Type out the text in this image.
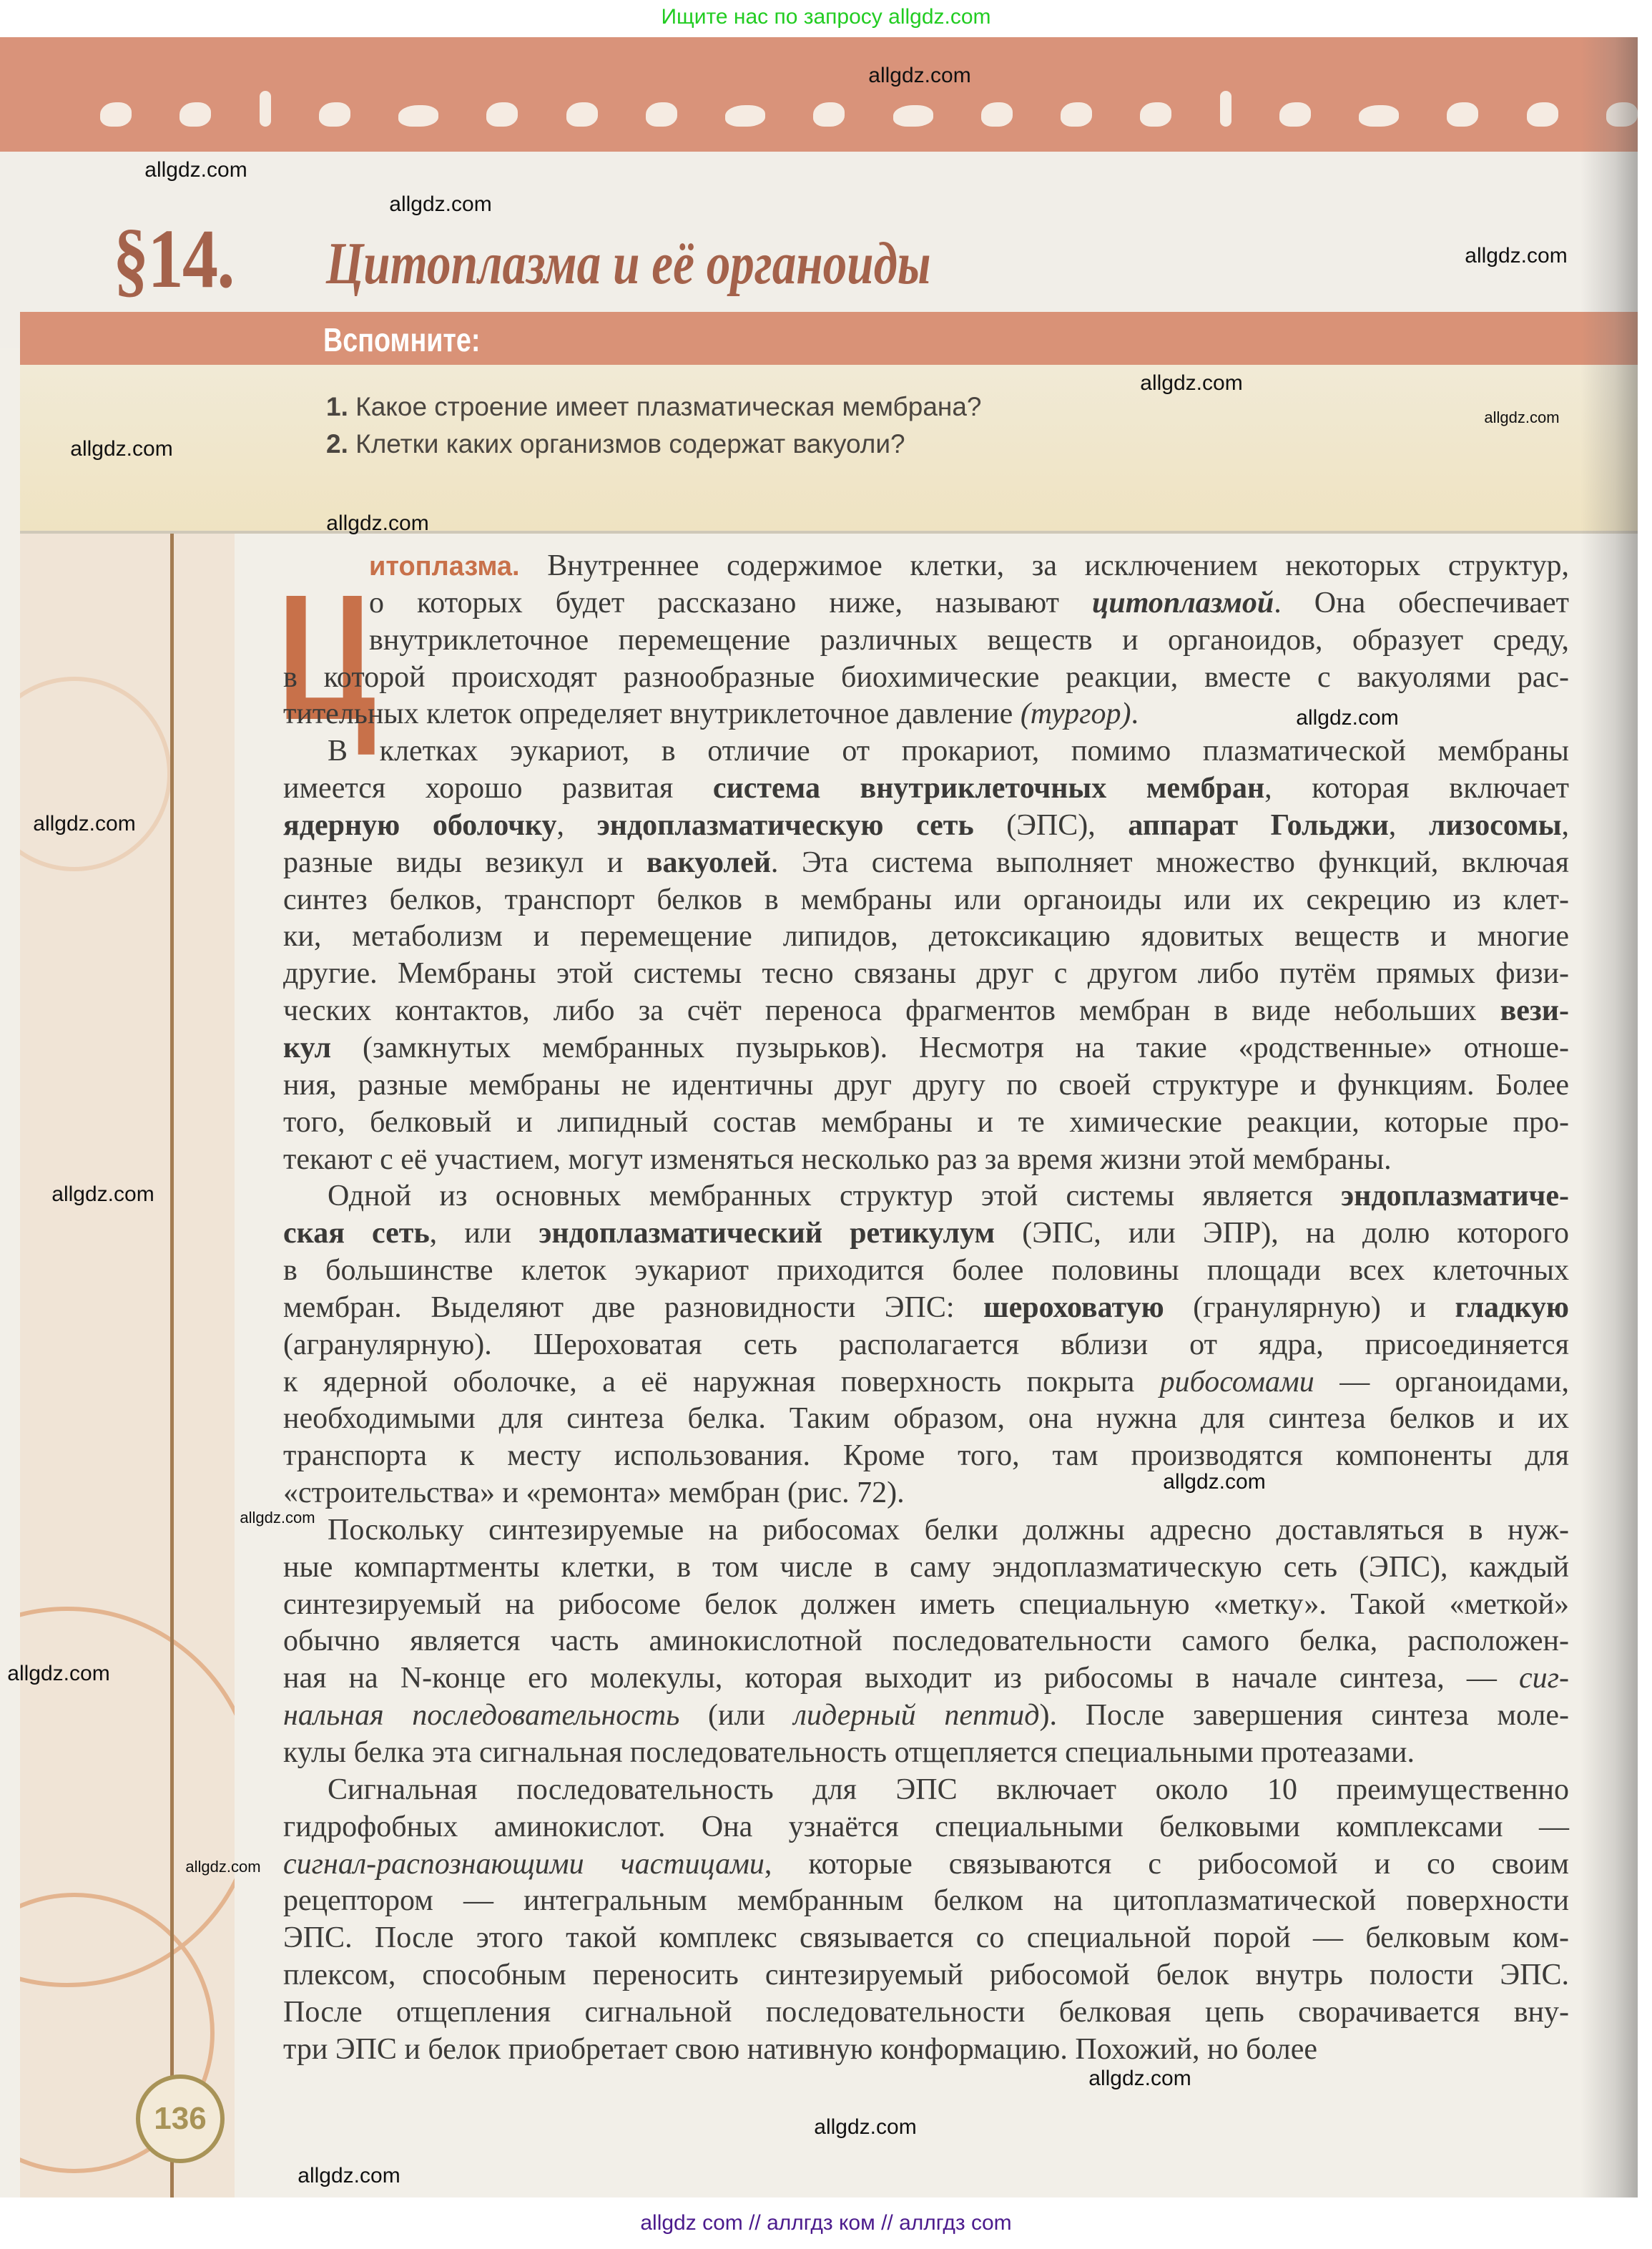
Ищите нас по запросу allgdz.com
§14. Цитоплазма и её органоиды
Вспомните:
1. Какое строение имеет плазматическая мембрана?
2. Клетки каких организмов содержат вакуоли?
136
Ц
итоплазма. Внутреннее содержимое клетки, за исключением некоторых структур,
о которых будет рассказано ниже, называют цитоплазмой. Она обеспечивает
внутриклеточное перемещение различных веществ и органоидов, образует среду,
в которой происходят разнообразные биохимические реакции, вместе с вакуолями рас-
тительных клеток определяет внутриклеточное давление (тургор).
В клетках эукариот, в отличие от прокариот, помимо плазматической мембраны
имеется хорошо развитая система внутриклеточных мембран, которая включает
ядерную оболочку, эндоплазматическую сеть (ЭПС), аппарат Гольджи, лизосомы,
разные виды везикул и вакуолей. Эта система выполняет множество функций, включая
синтез белков, транспорт белков в мембраны или органоиды или их секрецию из клет-
ки, метаболизм и перемещение липидов, детоксикацию ядовитых веществ и многие
другие. Мембраны этой системы тесно связаны друг с другом либо путём прямых физи-
ческих контактов, либо за счёт переноса фрагментов мембран в виде небольших вези-
кул (замкнутых мембранных пузырьков). Несмотря на такие «родственные» отноше-
ния, разные мембраны не идентичны друг другу по своей структуре и функциям. Более
того, белковый и липидный состав мембраны и те химические реакции, которые про-
текают с её участием, могут изменяться несколько раз за время жизни этой мембраны.
Одной из основных мембранных структур этой системы является эндоплазматиче-
ская сеть, или эндоплазматический ретикулум (ЭПС, или ЭПР), на долю которого
в большинстве клеток эукариот приходится более половины площади всех клеточных
мембран. Выделяют две разновидности ЭПС: шероховатую (гранулярную) и гладкую
(агранулярную). Шероховатая сеть располагается вблизи от ядра, присоединяется
к ядерной оболочке, а её наружная поверхность покрыта рибосомами — органоидами,
необходимыми для синтеза белка. Таким образом, она нужна для синтеза белков и их
транспорта к месту использования. Кроме того, там производятся компоненты для
«строительства» и «ремонта» мембран (рис. 72).
Поскольку синтезируемые на рибосомах белки должны адресно доставляться в нуж-
ные компартменты клетки, в том числе в саму эндоплазматическую сеть (ЭПС), каждый
синтезируемый на рибосоме белок должен иметь специальную «метку». Такой «меткой»
обычно является часть аминокислотной последовательности самого белка, расположен-
ная на N-конце его молекулы, которая выходит из рибосомы в начале синтеза, — сиг-
нальная последовательность (или лидерный пептид). После завершения синтеза моле-
кулы белка эта сигнальная последовательность отщепляется специальными протеазами.
Сигнальная последовательность для ЭПС включает около 10 преимущественно
гидрофобных аминокислот. Она узнаётся специальными белковыми комплексами —
сигнал-распознающими частицами, которые связываются с рибосомой и со своим
рецептором — интегральным мембранным белком на цитоплазматической поверхности
ЭПС. После этого такой комплекс связывается со специальной порой — белковым ком-
плексом, способным переносить синтезируемый рибосомой белок внутрь полости ЭПС.
После отщепления сигнальной последовательности белковая цепь сворачивается вну-
три ЭПС и белок приобретает свою нативную конформацию. Похожий, но более
allgdz.com
allgdz.com
allgdz.com
allgdz.com
allgdz.com
allgdz.com
allgdz.com
allgdz.com
allgdz.com
allgdz.com
allgdz.com
allgdz.com
allgdz.com
allgdz.com
allgdz.com
allgdz.com
allgdz.com
allgdz.com
allgdz com // аллгдз ком // аллгдз com
